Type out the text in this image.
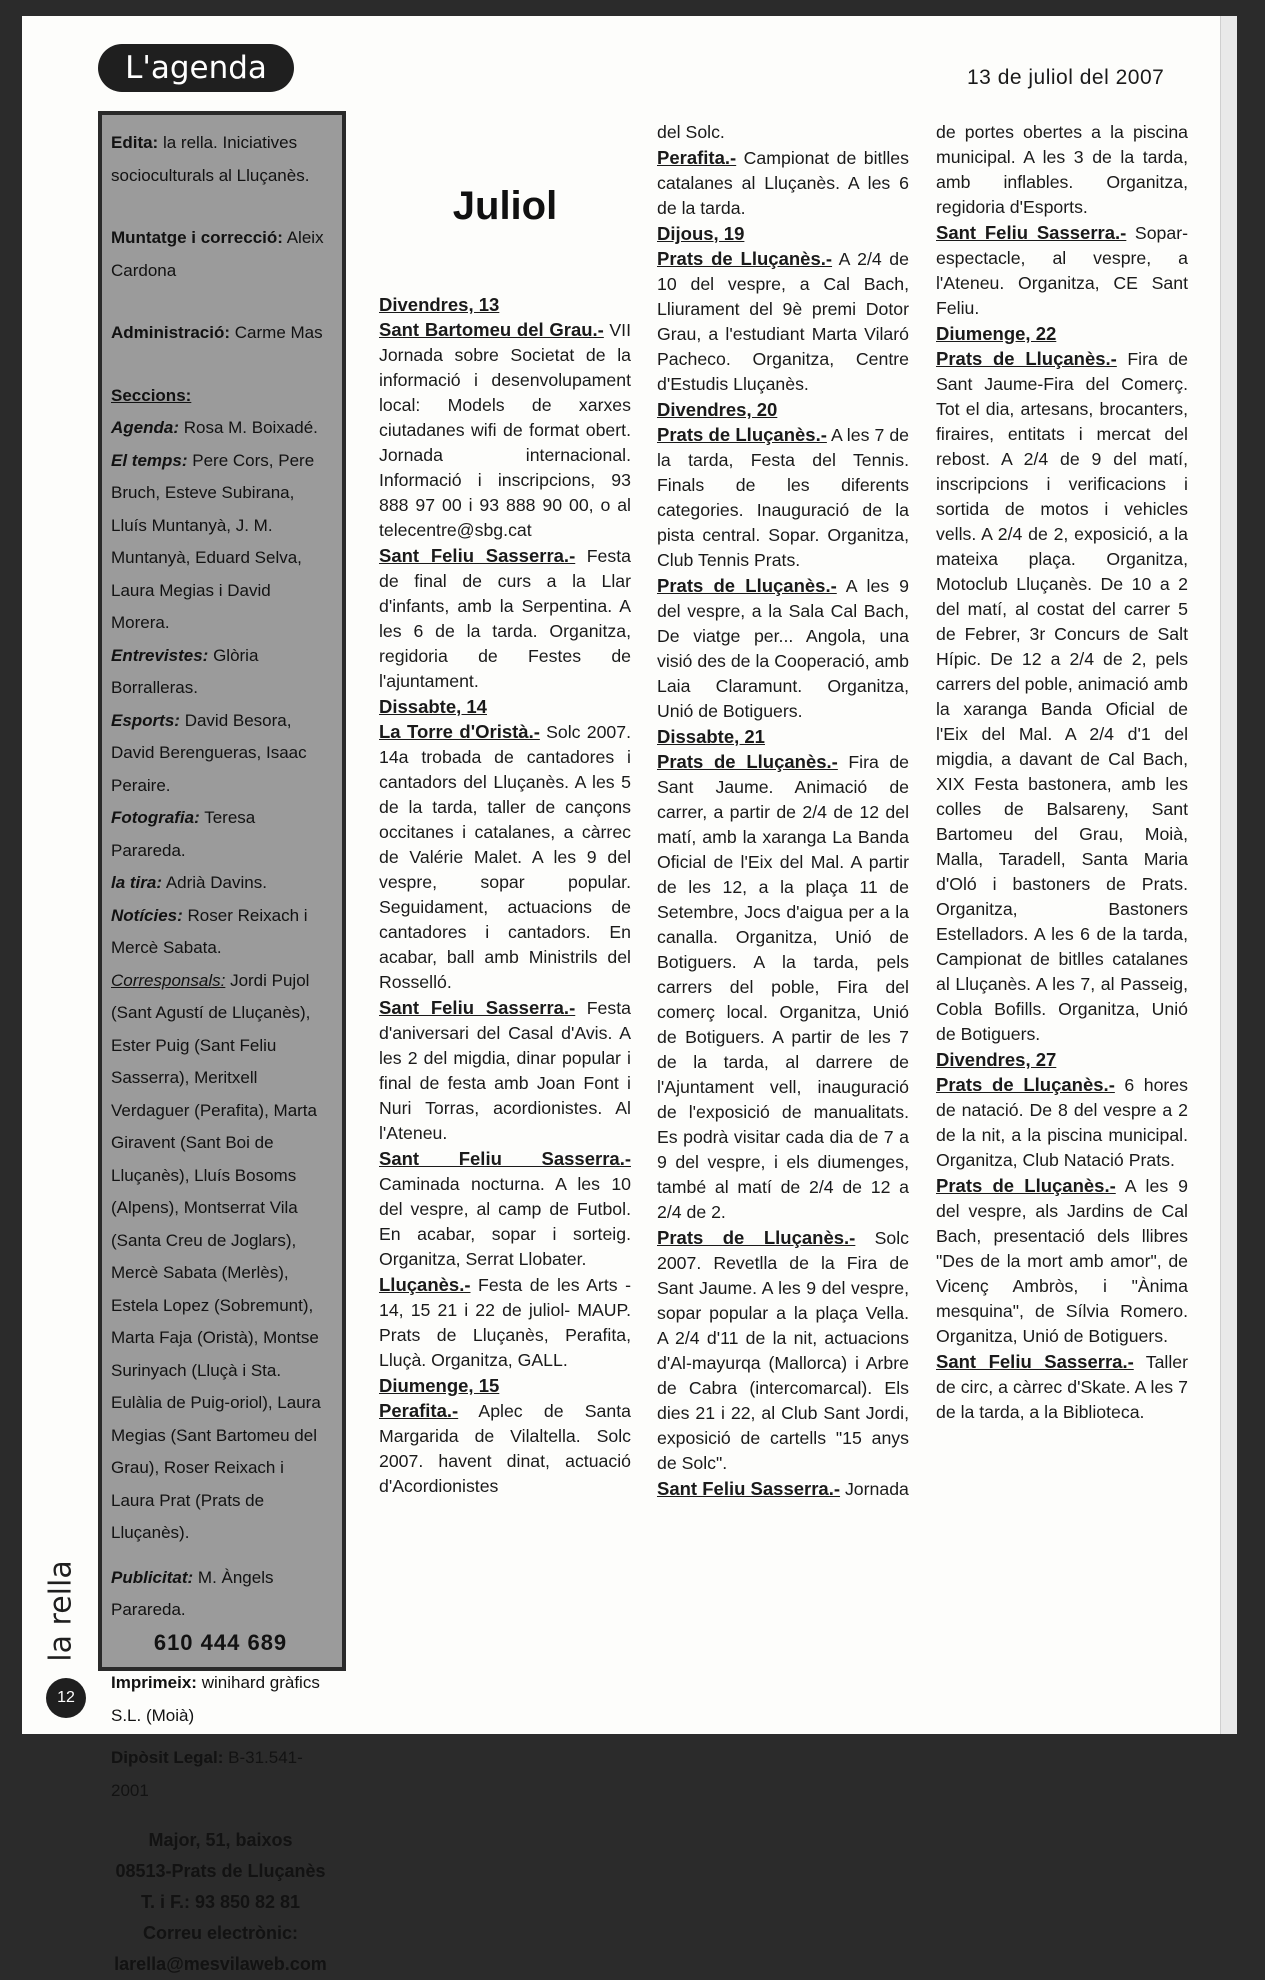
L'agenda	13 de juliol del 2007

Edita: la rella. Iniciatives socioculturals al Lluçanès.

Muntatge i correcció: Aleix Cardona

Administració: Carme Mas

Seccions:

Agenda: Rosa M. Boixadé.

El temps: Pere Cors, Pere Bruch, Esteve Subirana, Lluís Muntanyà, J. M. Muntanyà, Eduard Selva, Laura Megias i David Morera.

Entrevistes: Glòria Borralleras.

Esports: David Besora, David Berengueras, Isaac Peraire.

Fotografia: Teresa Parareda.

la tira: Adrià Davins.

Notícies: Roser Reixach i Mercè Sabata.

Corresponsals: Jordi Pujol (Sant Agustí de Lluçanès), Ester Puig (Sant Feliu Sasserra), Meritxell Verdaguer (Perafita), Marta Giravent (Sant Boi de Lluçanès), Lluís Bosoms (Alpens), Montserrat Vila (Santa Creu de Joglars), Mercè Sabata (Merlès), Estela Lopez (Sobremunt), Marta Faja (Oristà), Montse Surinyach (Lluçà i Sta. Eulàlia de Puig-oriol), Laura Megias (Sant Bartomeu del Grau), Roser Reixach i Laura Prat (Prats de Lluçanès).

Publicitat: M. Àngels Parareda.

610 444 689

Imprimeix: winihard gràfics S.L. (Moià)

Dipòsit Legal: B-31.541-2001

Major, 51, baixos

08513-Prats de Lluçanès

T. i F.: 93 850 82 81

Correu electrònic:

larella@mesvilaweb.com

la rella
12
Juliol
Divendres, 13

Sant Bartomeu del Grau.- VII Jornada sobre Societat de la informació i desenvolupament local: Models de xarxes ciutadanes wifi de format obert. Jornada internacional. Informació i inscripcions, 93 888 97 00 i 93 888 90 00, o al telecentre@sbg.cat

Sant Feliu Sasserra.- Festa de final de curs a la Llar d'infants, amb la Serpentina. A les 6 de la tarda. Organitza, regidoria de Festes de l'ajuntament.

Dissabte, 14

La Torre d'Oristà.- Solc 2007. 14a trobada de cantadores i cantadors del Lluçanès. A les 5 de la tarda, taller de cançons occitanes i catalanes, a càrrec de Valérie Malet. A les 9 del vespre, sopar popular. Seguidament, actuacions de cantadores i cantadors. En acabar, ball amb Ministrils del Rosselló.

Sant Feliu Sasserra.- Festa d'aniversari del Casal d'Avis. A les 2 del migdia, dinar popular i final de festa amb Joan Font i Nuri Torras, acordionistes. Al l'Ateneu.

Sant Feliu Sasserra.- Caminada nocturna. A les 10 del vespre, al camp de Futbol. En acabar, sopar i sorteig. Organitza, Serrat Llobater.

Lluçanès.- Festa de les Arts - 14, 15 21 i 22 de juliol- MAUP. Prats de Lluçanès, Perafita, Lluçà. Organitza, GALL.

Diumenge, 15

Perafita.- Aplec de Santa Margarida de Vilaltella. Solc 2007. havent dinat, actuació d'Acordionistes

del Solc.

Perafita.- Campionat de bitlles catalanes al Lluçanès. A les 6 de la tarda.

Dijous, 19

Prats de Lluçanès.- A 2/4 de 10 del vespre, a Cal Bach, Lliurament del 9è premi Dotor Grau, a l'estudiant Marta Vilaró Pacheco. Organitza, Centre d'Estudis Lluçanès.

Divendres, 20

Prats de Lluçanès.- A les 7 de la tarda, Festa del Tennis. Finals de les diferents categories. Inauguració de la pista central. Sopar. Organitza, Club Tennis Prats.

Prats de Lluçanès.- A les 9 del vespre, a la Sala Cal Bach, De viatge per... Angola, una visió des de la Cooperació, amb Laia Claramunt. Organitza, Unió de Botiguers.

Dissabte, 21

Prats de Lluçanès.- Fira de Sant Jaume. Animació de carrer, a partir de 2/4 de 12 del matí, amb la xaranga La Banda Oficial de l'Eix del Mal. A partir de les 12, a la plaça 11 de Setembre, Jocs d'aigua per a la canalla. Organitza, Unió de Botiguers. A la tarda, pels carrers del poble, Fira del comerç local. Organitza, Unió de Botiguers. A partir de les 7 de la tarda, al darrere de l'Ajuntament vell, inauguració de l'exposició de manualitats. Es podrà visitar cada dia de 7 a 9 del vespre, i els diumenges, també al matí de 2/4 de 12 a 2/4 de 2.

Prats de Lluçanès.- Solc 2007. Revetlla de la Fira de Sant Jaume. A les 9 del vespre, sopar popular a la plaça Vella. A 2/4 d'11 de la nit, actuacions d'Al-mayurqa (Mallorca) i Arbre de Cabra (intercomarcal). Els dies 21 i 22, al Club Sant Jordi, exposició de cartells "15 anys de Solc".

Sant Feliu Sasserra.- Jornada

de portes obertes a la piscina municipal. A les 3 de la tarda, amb inflables. Organitza, regidoria d'Esports.

Sant Feliu Sasserra.- Sopar-espectacle, al vespre, a l'Ateneu. Organitza, CE Sant Feliu.

Diumenge, 22

Prats de Lluçanès.- Fira de Sant Jaume-Fira del Comerç. Tot el dia, artesans, brocanters, firaires, entitats i mercat del rebost. A 2/4 de 9 del matí, inscripcions i verificacions i sortida de motos i vehicles vells. A 2/4 de 2, exposició, a la mateixa plaça. Organitza, Motoclub Lluçanès. De 10 a 2 del matí, al costat del carrer 5 de Febrer, 3r Concurs de Salt Hípic. De 12 a 2/4 de 2, pels carrers del poble, animació amb la xaranga Banda Oficial de l'Eix del Mal. A 2/4 d'1 del migdia, a davant de Cal Bach, XIX Festa bastonera, amb les colles de Balsareny, Sant Bartomeu del Grau, Moià, Malla, Taradell, Santa Maria d'Oló i bastoners de Prats. Organitza, Bastoners Estelladors. A les 6 de la tarda, Campionat de bitlles catalanes al Lluçanès. A les 7, al Passeig, Cobla Bofills. Organitza, Unió de Botiguers.

Divendres, 27

Prats de Lluçanès.- 6 hores de natació. De 8 del vespre a 2 de la nit, a la piscina municipal. Organitza, Club Natació Prats.

Prats de Lluçanès.- A les 9 del vespre, als Jardins de Cal Bach, presentació dels llibres "Des de la mort amb amor", de Vicenç Ambròs, i "Ànima mesquina", de Sílvia Romero. Organitza, Unió de Botiguers.

Sant Feliu Sasserra.- Taller de circ, a càrrec d'Skate. A les 7 de la tarda, a la Biblioteca.
